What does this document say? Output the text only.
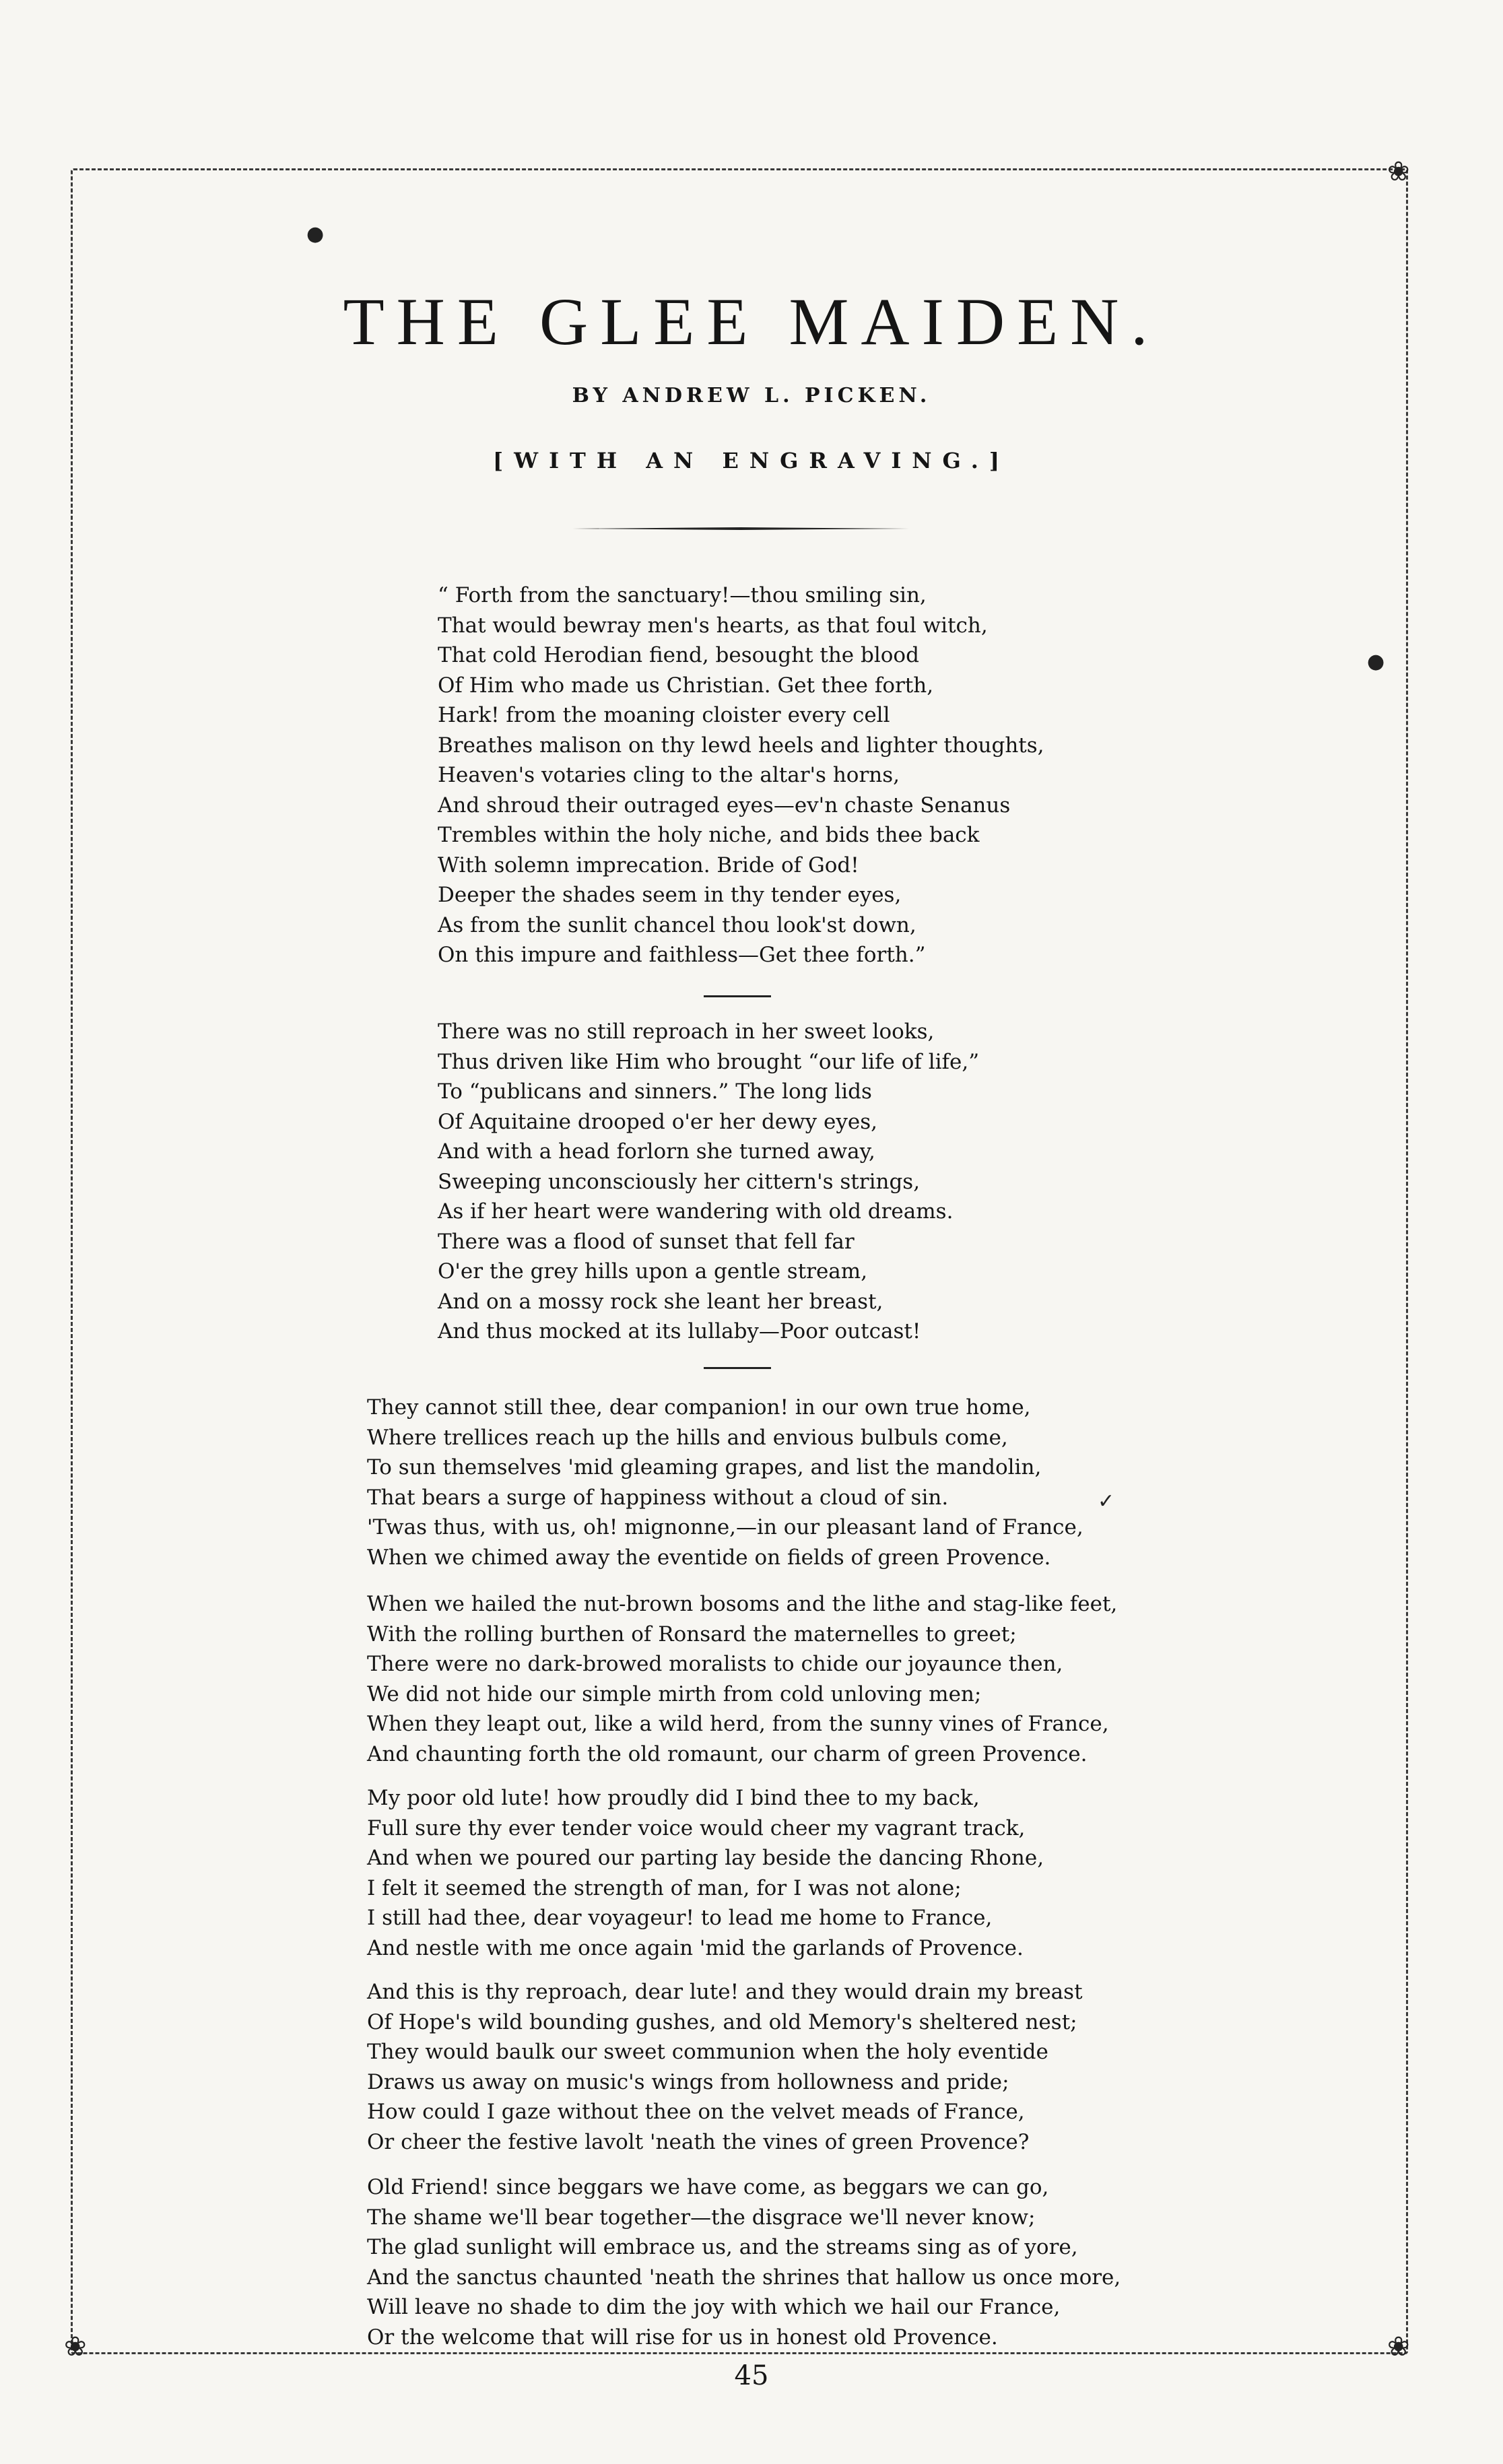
❀
❀
❀
THE GLEE MAIDEN.
BY ANDREW L. PICKEN.
[WITH AN ENGRAVING.]
“ Forth from the sanctuary!—thou smiling sin,
That would bewray men's hearts, as that foul witch,
That cold Herodian fiend, besought the blood
Of Him who made us Christian. Get thee forth,
Hark! from the moaning cloister every cell
Breathes malison on thy lewd heels and lighter thoughts,
Heaven's votaries cling to the altar's horns,
And shroud their outraged eyes—ev'n chaste Senanus
Trembles within the holy niche, and bids thee back
With solemn imprecation. Bride of God!
Deeper the shades seem in thy tender eyes,
As from the sunlit chancel thou look'st down,
On this impure and faithless—Get thee forth.”
There was no still reproach in her sweet looks,
Thus driven like Him who brought “our life of life,”
To “publicans and sinners.” The long lids
Of Aquitaine drooped o'er her dewy eyes,
And with a head forlorn she turned away,
Sweeping unconsciously her cittern's strings,
As if her heart were wandering with old dreams.
There was a flood of sunset that fell far
O'er the grey hills upon a gentle stream,
And on a mossy rock she leant her breast,
And thus mocked at its lullaby—Poor outcast!
They cannot still thee, dear companion! in our own true home,
Where trellices reach up the hills and envious bulbuls come,
To sun themselves 'mid gleaming grapes, and list the mandolin,
That bears a surge of happiness without a cloud of sin.
'Twas thus, with us, oh! mignonne,—in our pleasant land of France,
When we chimed away the eventide on fields of green Provence.
When we hailed the nut-brown bosoms and the lithe and stag-like feet,
With the rolling burthen of Ronsard the maternelles to greet;
There were no dark-browed moralists to chide our joyaunce then,
We did not hide our simple mirth from cold unloving men;
When they leapt out, like a wild herd, from the sunny vines of France,
And chaunting forth the old romaunt, our charm of green Provence.
My poor old lute! how proudly did I bind thee to my back,
Full sure thy ever tender voice would cheer my vagrant track,
And when we poured our parting lay beside the dancing Rhone,
I felt it seemed the strength of man, for I was not alone;
I still had thee, dear voyageur! to lead me home to France,
And nestle with me once again 'mid the garlands of Provence.
And this is thy reproach, dear lute! and they would drain my breast
Of Hope's wild bounding gushes, and old Memory's sheltered nest;
They would baulk our sweet communion when the holy eventide
Draws us away on music's wings from hollowness and pride;
How could I gaze without thee on the velvet meads of France,
Or cheer the festive lavolt 'neath the vines of green Provence?
Old Friend! since beggars we have come, as beggars we can go,
The shame we'll bear together—the disgrace we'll never know;
The glad sunlight will embrace us, and the streams sing as of yore,
And the sanctus chaunted 'neath the shrines that hallow us once more,
Will leave no shade to dim the joy with which we hail our France,
Or the welcome that will rise for us in honest old Provence.
●
●
✓
45
